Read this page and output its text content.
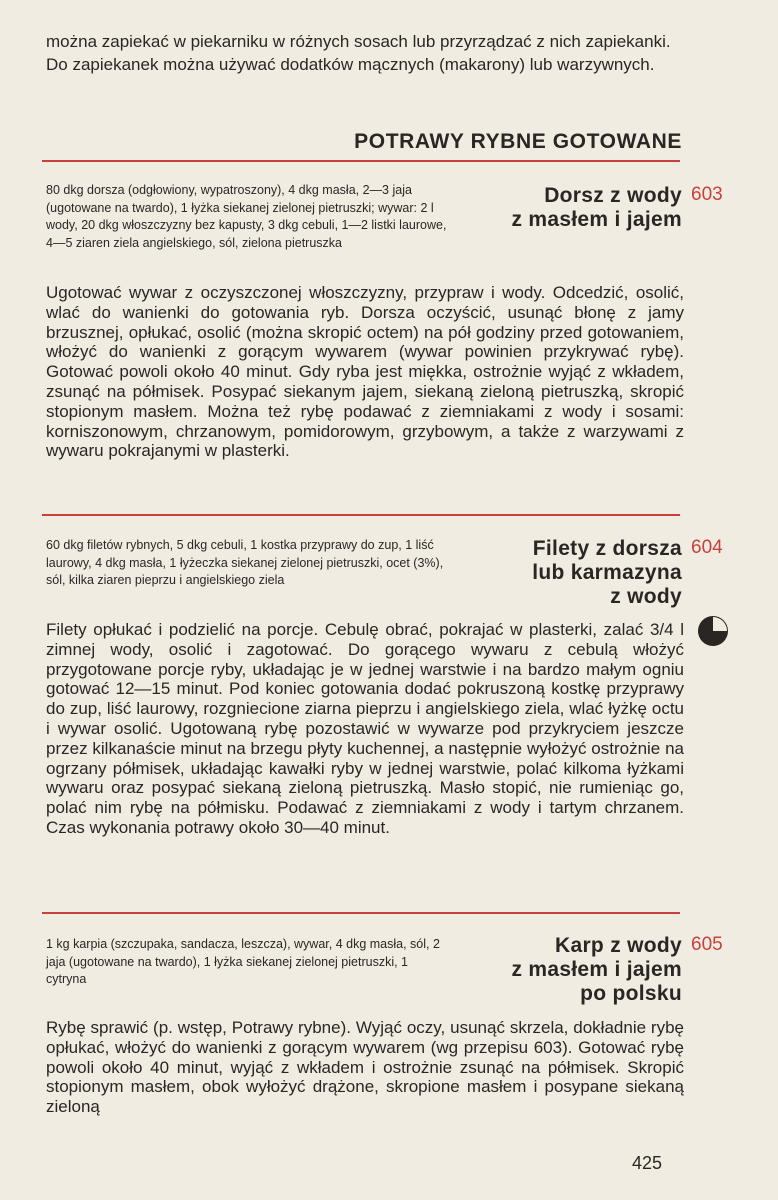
można zapiekać w piekarniku w różnych sosach lub przyrządzać z nich zapiekanki. Do zapiekanek można używać dodatków mącznych (makarony) lub warzywnych.
POTRAWY RYBNE GOTOWANE
80 dkg dorsza (odgłowiony, wypatroszony), 4 dkg masła, 2—3 jaja (ugotowane na twardo), 1 łyżka siekanej zielonej pietruszki; wywar: 2 l wody, 20 dkg włoszczyzny bez kapusty, 3 dkg cebuli, 1—2 listki laurowe, 4—5 ziaren ziela angielskiego, sól, zielona pietruszka
Dorsz z wody
z masłem i jajem
603
Ugotować wywar z oczyszczonej włoszczyzny, przypraw i wody. Odcedzić, osolić, wlać do wanienki do gotowania ryb. Dorsza oczyścić, usunąć błonę z jamy brzusznej, opłukać, osolić (można skropić octem) na pół godziny przed gotowaniem, włożyć do wanienki z gorącym wywarem (wywar powinien przykrywać rybę). Gotować powoli około 40 minut. Gdy ryba jest miękka, ostrożnie wyjąć z wkładem, zsunąć na półmisek. Posypać siekanym jajem, siekaną zieloną pietruszką, skropić stopionym masłem. Można też rybę podawać z ziemniakami z wody i sosami: korniszonowym, chrzanowym, pomidorowym, grzybowym, a także z warzywami z wywaru pokrajanymi w plasterki.
60 dkg filetów rybnych, 5 dkg cebuli, 1 kostka przyprawy do zup, 1 liść laurowy, 4 dkg masła, 1 łyżeczka siekanej zielonej pietruszki, ocet (3%), sól, kilka ziaren pieprzu i angielskiego ziela
Filety z dorsza
lub karmazyna
z wody
604
Filety opłukać i podzielić na porcje. Cebulę obrać, pokrajać w plasterki, zalać 3/4 l zimnej wody, osolić i zagotować. Do gorącego wywaru z cebulą włożyć przygotowane porcje ryby, układając je w jednej warstwie i na bardzo małym ogniu gotować 12—15 minut. Pod koniec gotowania dodać pokruszoną kostkę przyprawy do zup, liść laurowy, rozgniecione ziarna pieprzu i angielskiego ziela, wlać łyżkę octu i wywar osolić. Ugotowaną rybę pozostawić w wywarze pod przykryciem jeszcze przez kilkanaście minut na brzegu płyty kuchennej, a następnie wyłożyć ostrożnie na ogrzany półmisek, układając kawałki ryby w jednej warstwie, polać kilkoma łyżkami wywaru oraz posypać siekaną zieloną pietruszką. Masło stopić, nie rumieniąc go, polać nim rybę na półmisku. Podawać z ziemniakami z wody i tartym chrzanem. Czas wykonania potrawy około 30—40 minut.
1 kg karpia (szczupaka, sandacza, leszcza), wywar, 4 dkg masła, sól, 2 jaja (ugotowane na twardo), 1 łyżka siekanej zielonej pietruszki, 1 cytryna
Karp z wody
z masłem i jajem
po polsku
605
Rybę sprawić (p. wstęp, Potrawy rybne). Wyjąć oczy, usunąć skrzela, dokładnie rybę opłukać, włożyć do wanienki z gorącym wywarem (wg przepisu 603). Gotować rybę powoli około 40 minut, wyjąć z wkładem i ostrożnie zsunąć na półmisek. Skropić stopionym masłem, obok wyłożyć drążone, skropione masłem i posypane siekaną zieloną
425
